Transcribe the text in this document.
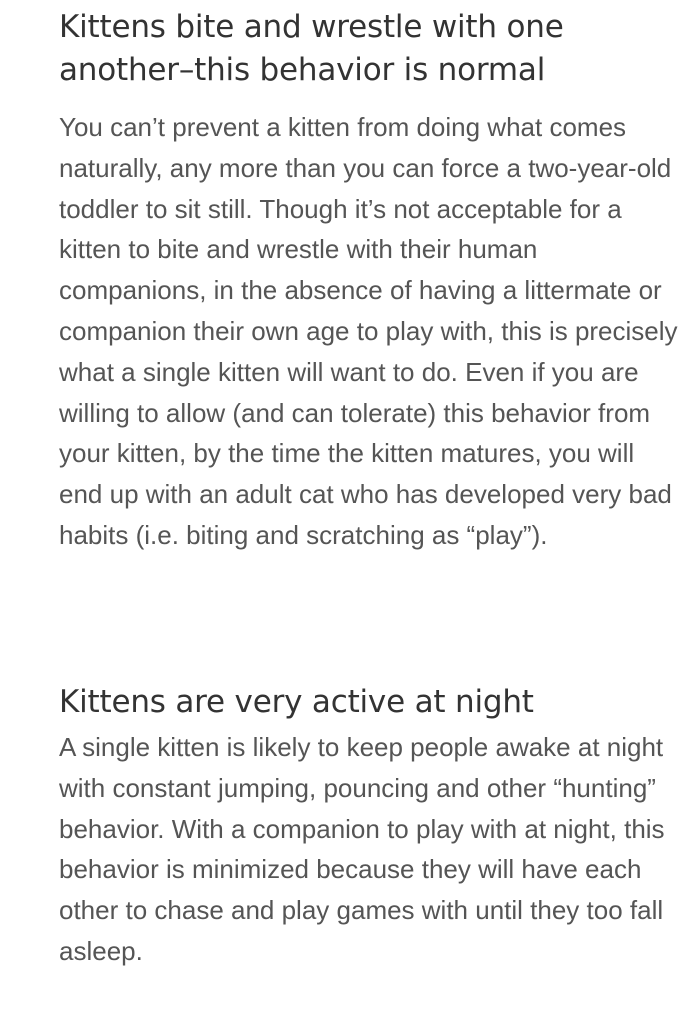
Kittens bite and wrestle with one another–this behavior is normal

You can’t prevent a kitten from doing what comes naturally, any more than you can force a two-year-old toddler to sit still. Though it’s not acceptable for a kitten to bite and wrestle with their human companions, in the absence of having a littermate or companion their own age to play with, this is precisely what a single kitten will want to do. Even if you are willing to allow (and can tolerate) this behavior from your kitten, by the time the kitten matures, you will end up with an adult cat who has developed very bad habits (i.e. biting and scratching as “play”).

Kittens are very active at night

A single kitten is likely to keep people awake at night with constant jumping, pouncing and other “hunting” behavior. With a companion to play with at night, this behavior is minimized because they will have each other to chase and play games with until they too fall asleep.
